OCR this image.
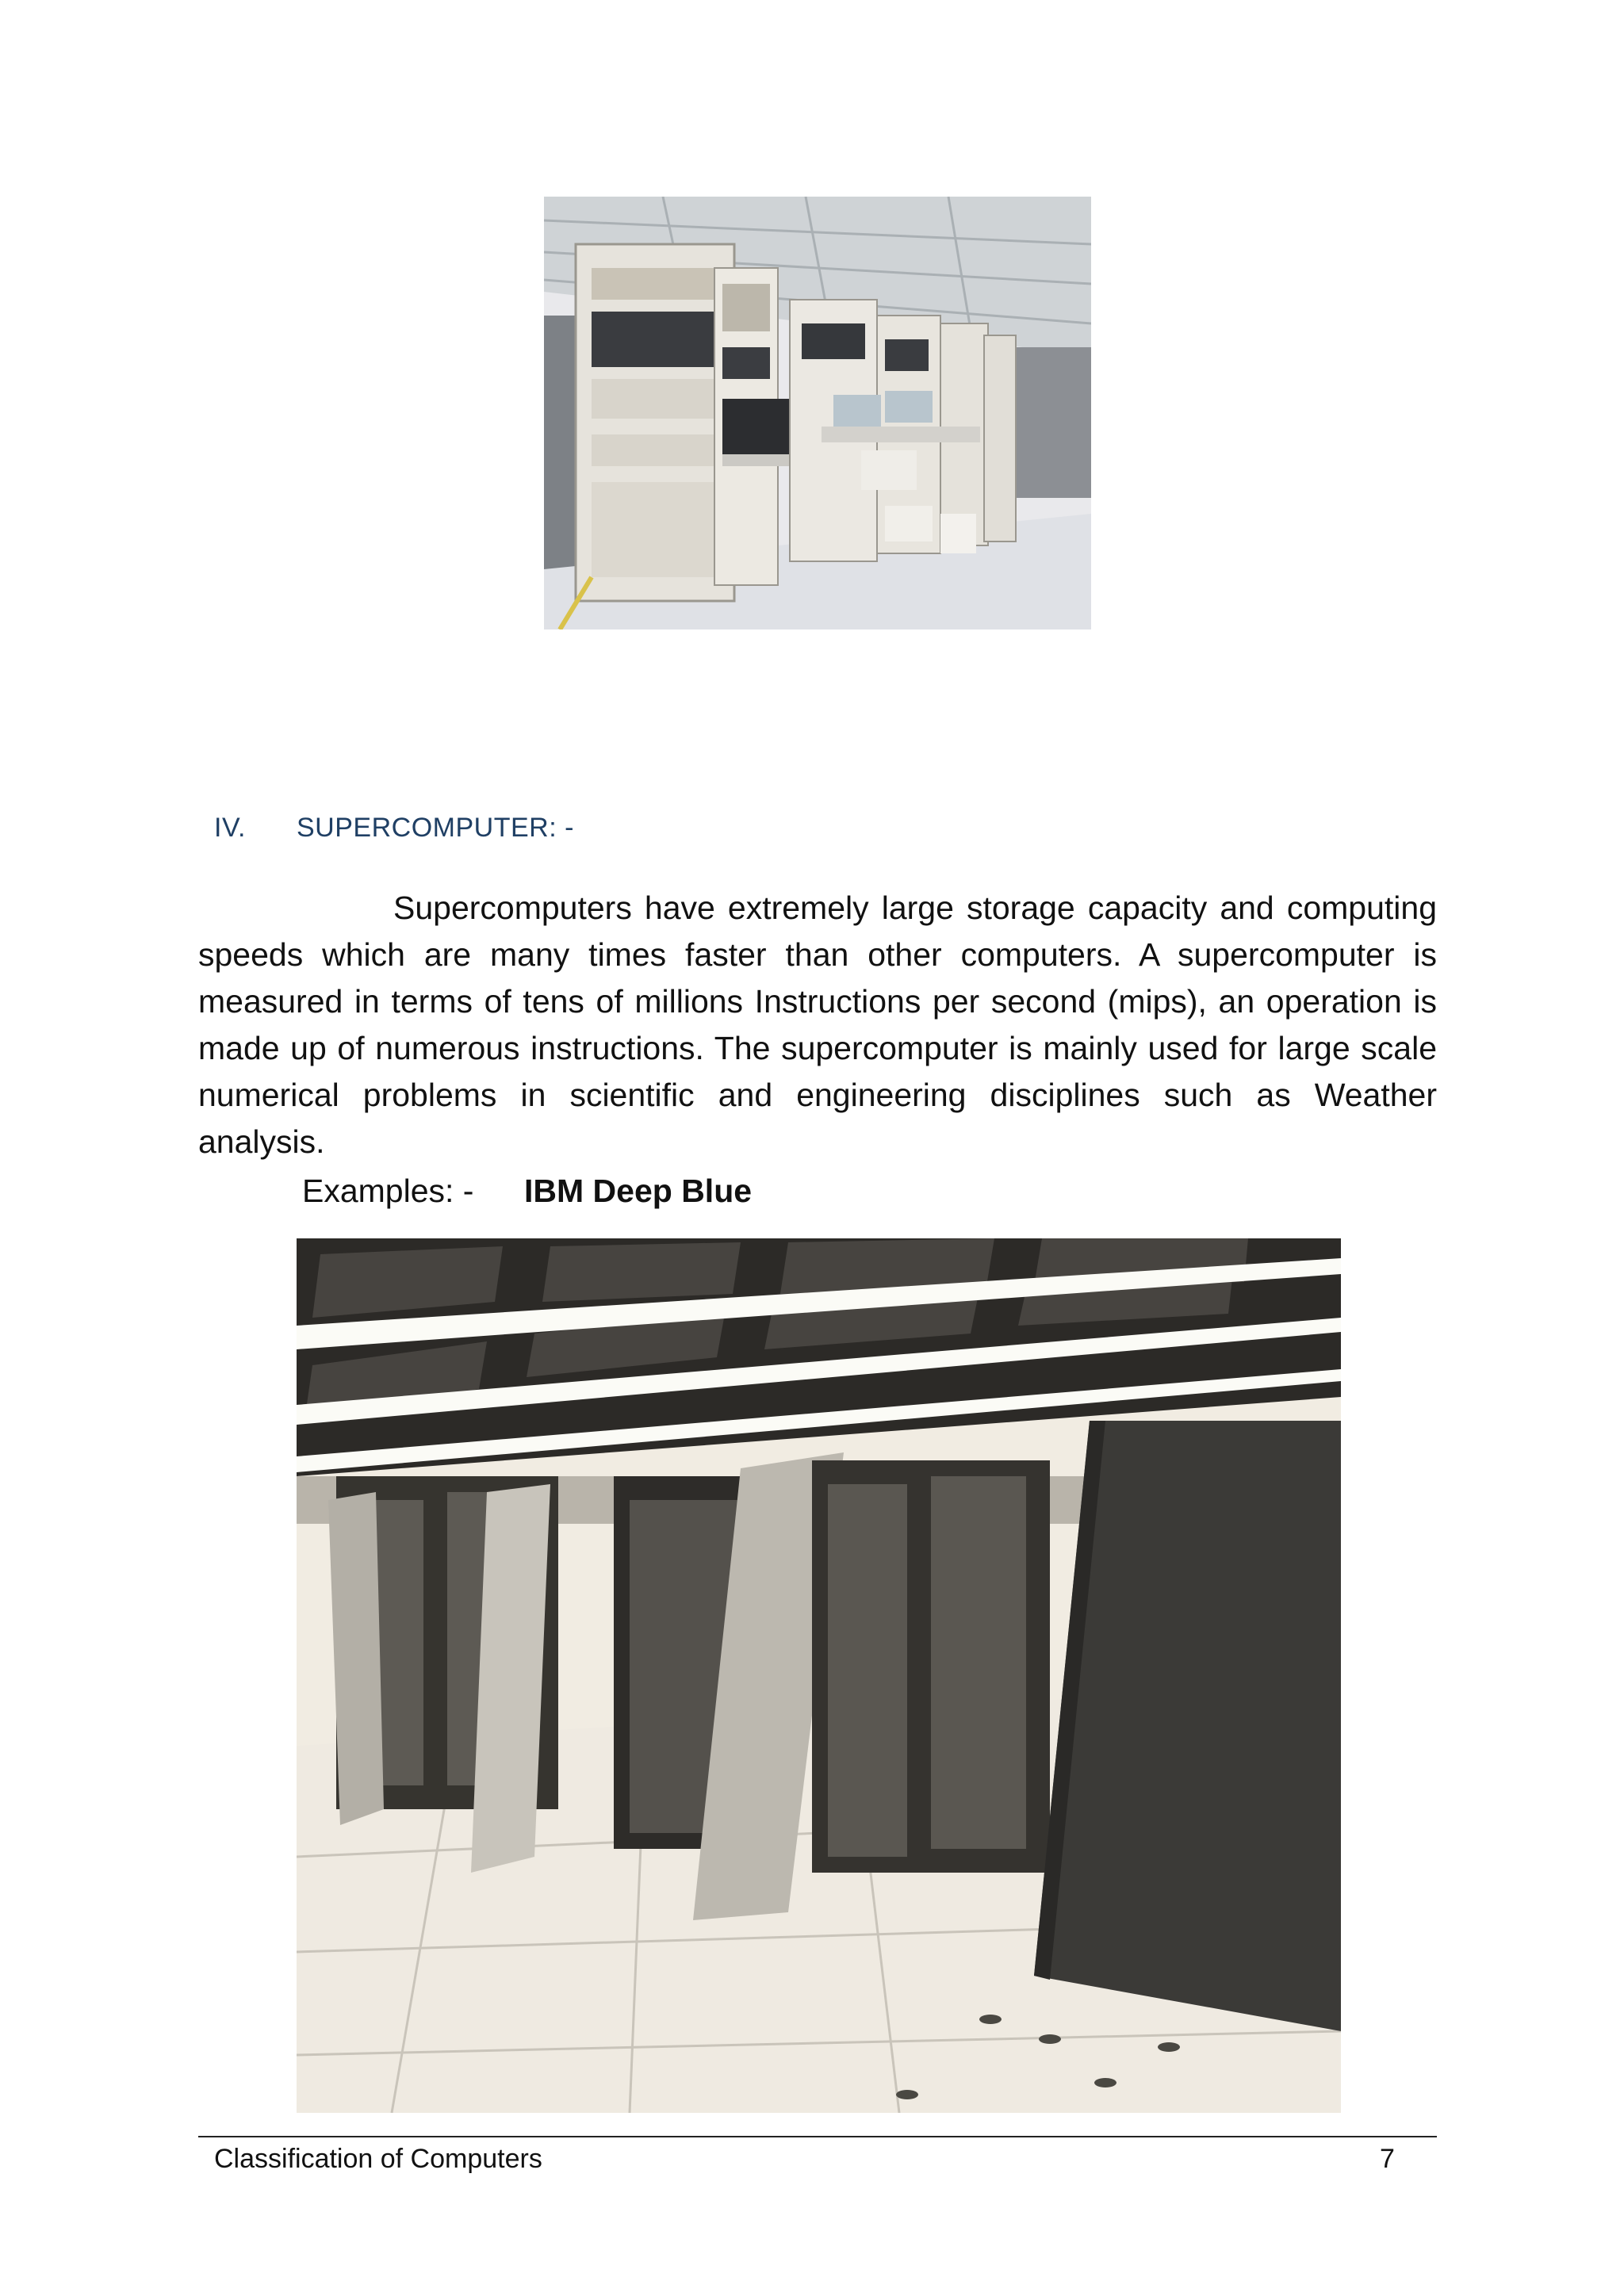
IV. SUPERCOMPUTER: -
Supercomputers have extremely large storage capacity and computing speeds which are many times faster than other computers. A supercomputer is measured in terms of tens of millions Instructions per second (mips), an operation is made up of numerous instructions. The supercomputer is mainly used for large scale numerical problems in scientific and engineering disciplines such as Weather analysis.
Examples: - IBM Deep Blue
Classification of Computers	7
